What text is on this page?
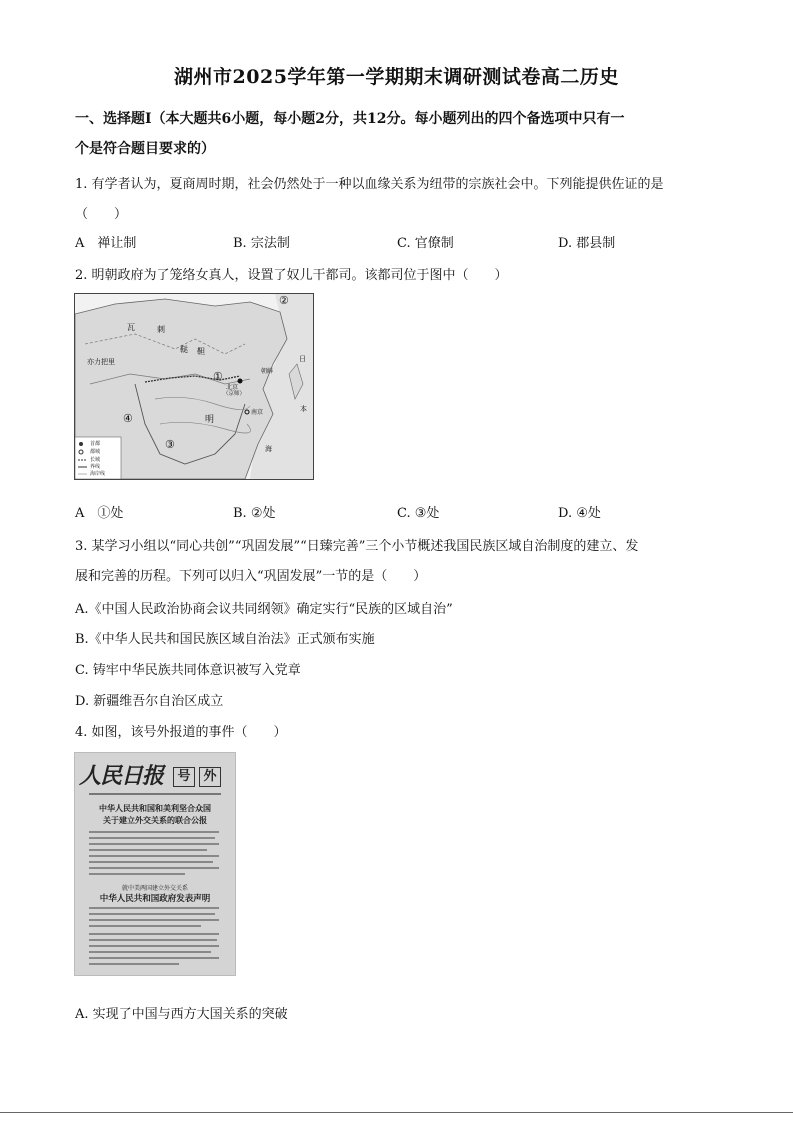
湖州市2025学年第一学期期末调研测试卷高二历史
一、选择题Ⅰ（本大题共6小题，每小题2分，共12分。每小题列出的四个备选项中只有一
个是符合题目要求的）
1. 有学者认为，夏商周时期，社会仍然处于一种以血缘关系为纽带的宗族社会中。下列能提供佐证的是
（　　）
A　禅让制	B. 宗法制	C. 官僚制	D. 郡县制
2. 明朝政府为了笼络女真人，设置了奴儿干都司。该都司位于图中（　　）
瓦	刺
鞑 靼
亦力把里
明
北京
（京师）
南京
海
日
本
朝鲜
①
②
③
④
首都
都城
长城
界线
海岸线
A　①处	B. ②处	C. ③处	D. ④处
3. 某学习小组以“同心共创”“巩固发展”“日臻完善”三个小节概述我国民族区域自治制度的建立、发
展和完善的历程。下列可以归入“巩固发展”一节的是（　　）
A.《中国人民政治协商会议共同纲领》确定实行“民族的区域自治”
B.《中华人民共和国民族区域自治法》正式颁布实施
C. 铸牢中华民族共同体意识被写入党章
D. 新疆维吾尔自治区成立
4. 如图，该号外报道的事件（　　）
人民日报	号 外
中华人民共和国和美利坚合众国
关于建立外交关系的联合公报
就中美两国建立外交关系
中华人民共和国政府发表声明
A. 实现了中国与西方大国关系的突破
